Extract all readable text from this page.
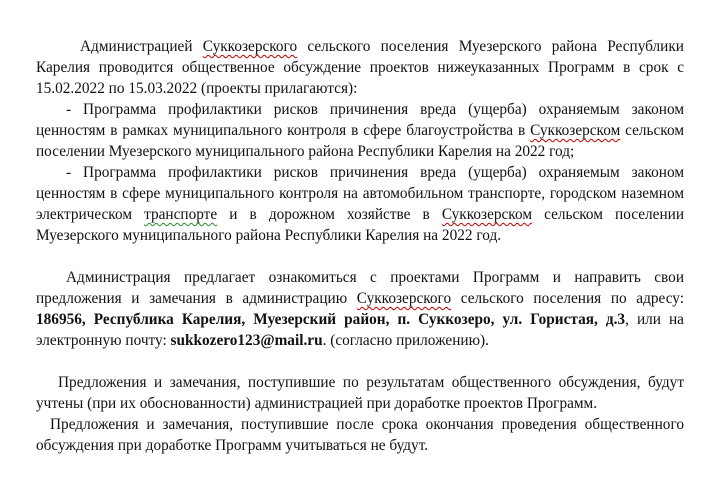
Администрацией Суккозерского сельского поселения Муезерского района Республики Карелия проводится общественное обсуждение проектов нижеуказанных Программ в срок с 15.02.2022 по 15.03.2022 (проекты прилагаются):

- Программа профилактики рисков причинения вреда (ущерба) охраняемым законом ценностям в рамках муниципального контроля в сфере благоустройства в Суккозерском сельском поселении Муезерского муниципального района Республики Карелия на 2022 год;

- Программа профилактики рисков причинения вреда (ущерба) охраняемым законом ценностям в сфере муниципального контроля на автомобильном транспорте, городском наземном электрическом транспорте и в дорожном хозяйстве в Суккозерском сельском поселении Муезерского муниципального района Республики Карелия на 2022 год.

Администрация предлагает ознакомиться с проектами Программ и направить свои предложения и замечания в администрацию Суккозерского сельского поселения по адресу: 186956, Республика Карелия, Муезерский район, п. Суккозеро, ул. Гористая, д.3, или на электронную почту: sukkozero123@mail.ru. (согласно приложению).

Предложения и замечания, поступившие по результатам общественного обсуждения, будут учтены (при их обоснованности) администрацией при доработке проектов Программ.

Предложения и замечания, поступившие после срока окончания проведения общественного обсуждения при доработке Программ учитываться не будут.
